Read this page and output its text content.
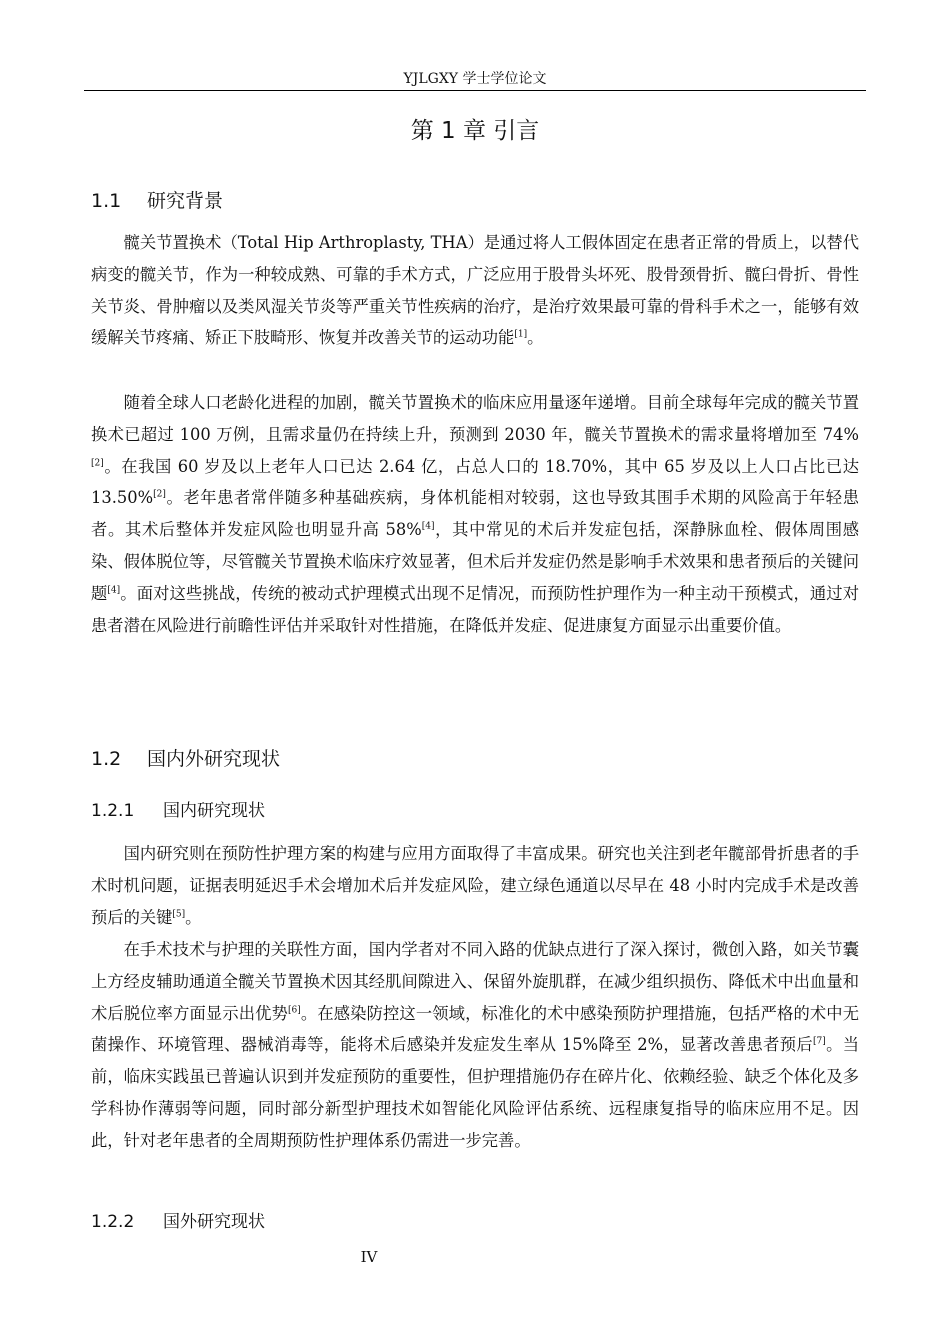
YJLGXY 学士学位论文
第 1 章 引言
1.1 研究背景

髋关节置换术（Total Hip Arthroplasty, THA）是通过将人工假体固定在患者正常的骨质上，以替代病变的髋关节，作为一种较成熟、可靠的手术方式，广泛应用于股骨头坏死、股骨颈骨折、髋臼骨折、骨性关节炎、骨肿瘤以及类风湿关节炎等严重关节性疾病的治疗，是治疗效果最可靠的骨科手术之一，能够有效缓解关节疼痛、矫正下肢畸形、恢复并改善关节的运动功能[1]。

随着全球人口老龄化进程的加剧，髋关节置换术的临床应用量逐年递增。目前全球每年完成的髋关节置换术已超过 100 万例，且需求量仍在持续上升，预测到 2030 年，髋关节置换术的需求量将增加至 74%[2]。在我国 60 岁及以上老年人口已达 2.64 亿，占总人口的 18.70%，其中 65 岁及以上人口占比已达 13.50%[2]。老年患者常伴随多种基础疾病，身体机能相对较弱，这也导致其围手术期的风险高于年轻患者。其术后整体并发症风险也明显升高 58%[4]，其中常见的术后并发症包括，深静脉血栓、假体周围感染、假体脱位等，尽管髋关节置换术临床疗效显著，但术后并发症仍然是影响手术效果和患者预后的关键问题[4]。面对这些挑战，传统的被动式护理模式出现不足情况，而预防性护理作为一种主动干预模式，通过对患者潜在风险进行前瞻性评估并采取针对性措施，在降低并发症、促进康复方面显示出重要价值。

1.2 国内外研究现状
1.2.1 国内研究现状

国内研究则在预防性护理方案的构建与应用方面取得了丰富成果。研究也关注到老年髋部骨折患者的手术时机问题，证据表明延迟手术会增加术后并发症风险，建立绿色通道以尽早在 48 小时内完成手术是改善预后的关键[5]。

在手术技术与护理的关联性方面，国内学者对不同入路的优缺点进行了深入探讨，微创入路，如关节囊上方经皮辅助通道全髋关节置换术因其经肌间隙进入、保留外旋肌群，在减少组织损伤、降低术中出血量和术后脱位率方面显示出优势[6]。在感染防控这一领域，标准化的术中感染预防护理措施，包括严格的术中无菌操作、环境管理、器械消毒等，能将术后感染并发症发生率从 15%降至 2%，显著改善患者预后[7]。当前，临床实践虽已普遍认识到并发症预防的重要性，但护理措施仍存在碎片化、依赖经验、缺乏个体化及多学科协作薄弱等问题，同时部分新型护理技术如智能化风险评估系统、远程康复指导的临床应用不足。因此，针对老年患者的全周期预防性护理体系仍需进一步完善。

1.2.2 国外研究现状
IV
